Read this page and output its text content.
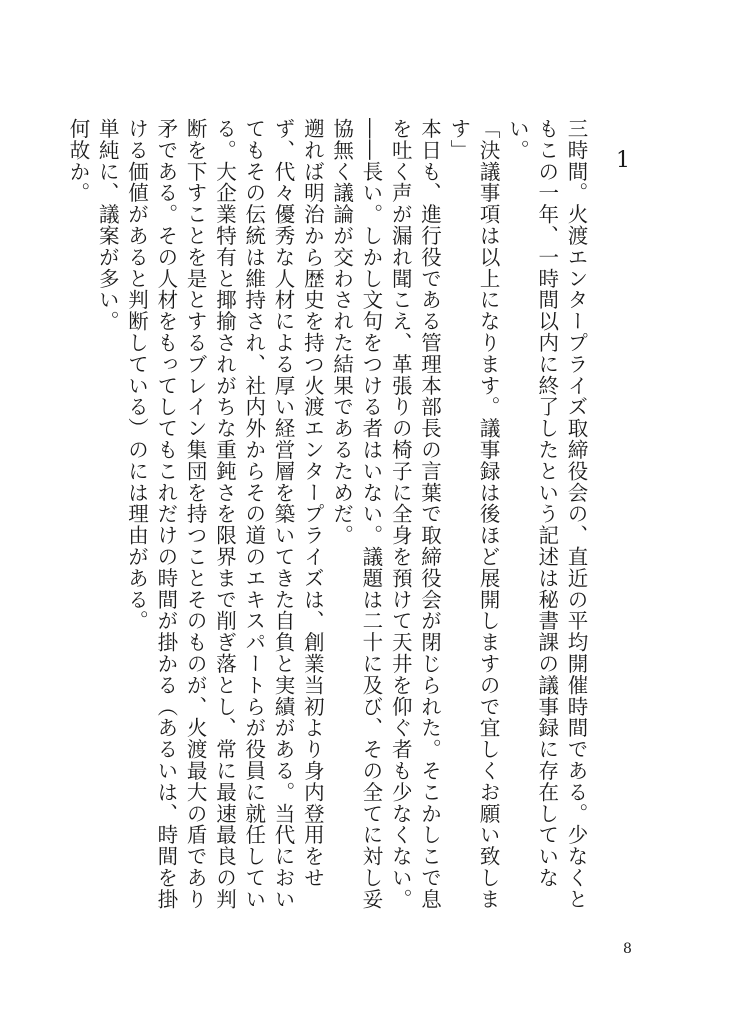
1

三時間。火渡エンタープライズ取締役会の、直近の平均開催時間である。少なくともこの一年、一時間以内に終了したという記述は秘書課の議事録に存在していない。

「決議事項は以上になります。議事録は後ほど展開しますので宜しくお願い致します」

本日も、進行役である管理本部長の言葉で取締役会が閉じられた。そこかしこで息を吐く声が漏れ聞こえ、革張りの椅子に全身を預けて天井を仰ぐ者も少なくない。――長い。しかし文句をつける者はいない。議題は二十に及び、その全てに対し妥協無く議論が交わされた結果であるためだ。

遡れば明治から歴史を持つ火渡エンタープライズは、創業当初より身内登用をせず、代々優秀な人材による厚い経営層を築いてきた自負と実績がある。当代においてもその伝統は維持され、社内外からその道のエキスパートらが役員に就任している。大企業特有と揶揄されがちな重鈍さを限界まで削ぎ落とし、常に最速最良の判断を下すことを是とするブレイン集団を持つことそのものが、火渡最大の盾であり矛である。その人材をもってしてもこれだけの時間が掛かる（あるいは、時間を掛ける価値があると判断している）のには理由がある。

単純に、議案が多い。

何故か。

8
